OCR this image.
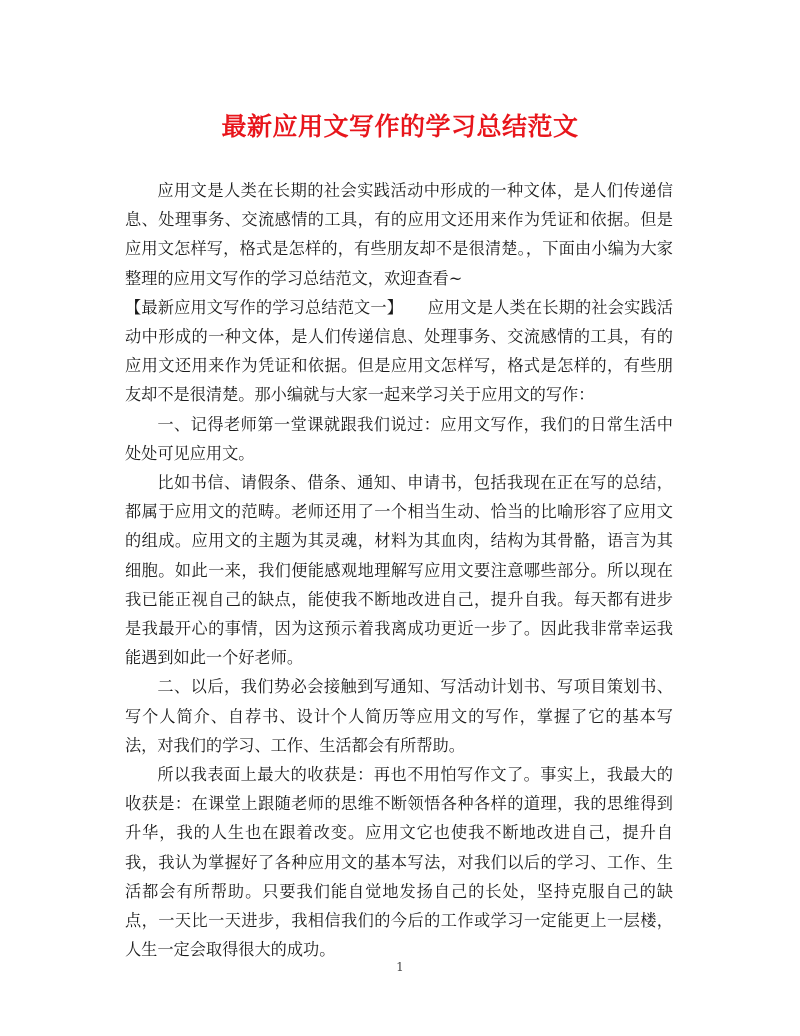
最新应用文写作的学习总结范文

应用文是人类在长期的社会实践活动中形成的一种文体，是人们传递信息、处理事务、交流感情的工具，有的应用文还用来作为凭证和依据。但是应用文怎样写，格式是怎样的，有些朋友却不是很清楚。，下面由小编为大家整理的应用文写作的学习总结范文，欢迎查看~

【最新应用文写作的学习总结范文一】　　应用文是人类在长期的社会实践活动中形成的一种文体，是人们传递信息、处理事务、交流感情的工具，有的应用文还用来作为凭证和依据。但是应用文怎样写，格式是怎样的，有些朋友却不是很清楚。那小编就与大家一起来学习关于应用文的写作：

一、记得老师第一堂课就跟我们说过：应用文写作，我们的日常生活中处处可见应用文。

比如书信、请假条、借条、通知、申请书，包括我现在正在写的总结，都属于应用文的范畴。老师还用了一个相当生动、恰当的比喻形容了应用文的组成。应用文的主题为其灵魂，材料为其血肉，结构为其骨骼，语言为其细胞。如此一来，我们便能感观地理解写应用文要注意哪些部分。所以现在我已能正视自己的缺点，能使我不断地改进自己，提升自我。每天都有进步是我最开心的事情，因为这预示着我离成功更近一步了。因此我非常幸运我能遇到如此一个好老师。

二、以后，我们势必会接触到写通知、写活动计划书、写项目策划书、写个人简介、自荐书、设计个人简历等应用文的写作，掌握了它的基本写法，对我们的学习、工作、生活都会有所帮助。

所以我表面上最大的收获是：再也不用怕写作文了。事实上，我最大的收获是：在课堂上跟随老师的思维不断领悟各种各样的道理，我的思维得到升华，我的人生也在跟着改变。应用文它也使我不断地改进自己，提升自我，我认为掌握好了各种应用文的基本写法，对我们以后的学习、工作、生活都会有所帮助。只要我们能自觉地发扬自己的长处，坚持克服自己的缺点，一天比一天进步，我相信我们的今后的工作或学习一定能更上一层楼，人生一定会取得很大的成功。

1
